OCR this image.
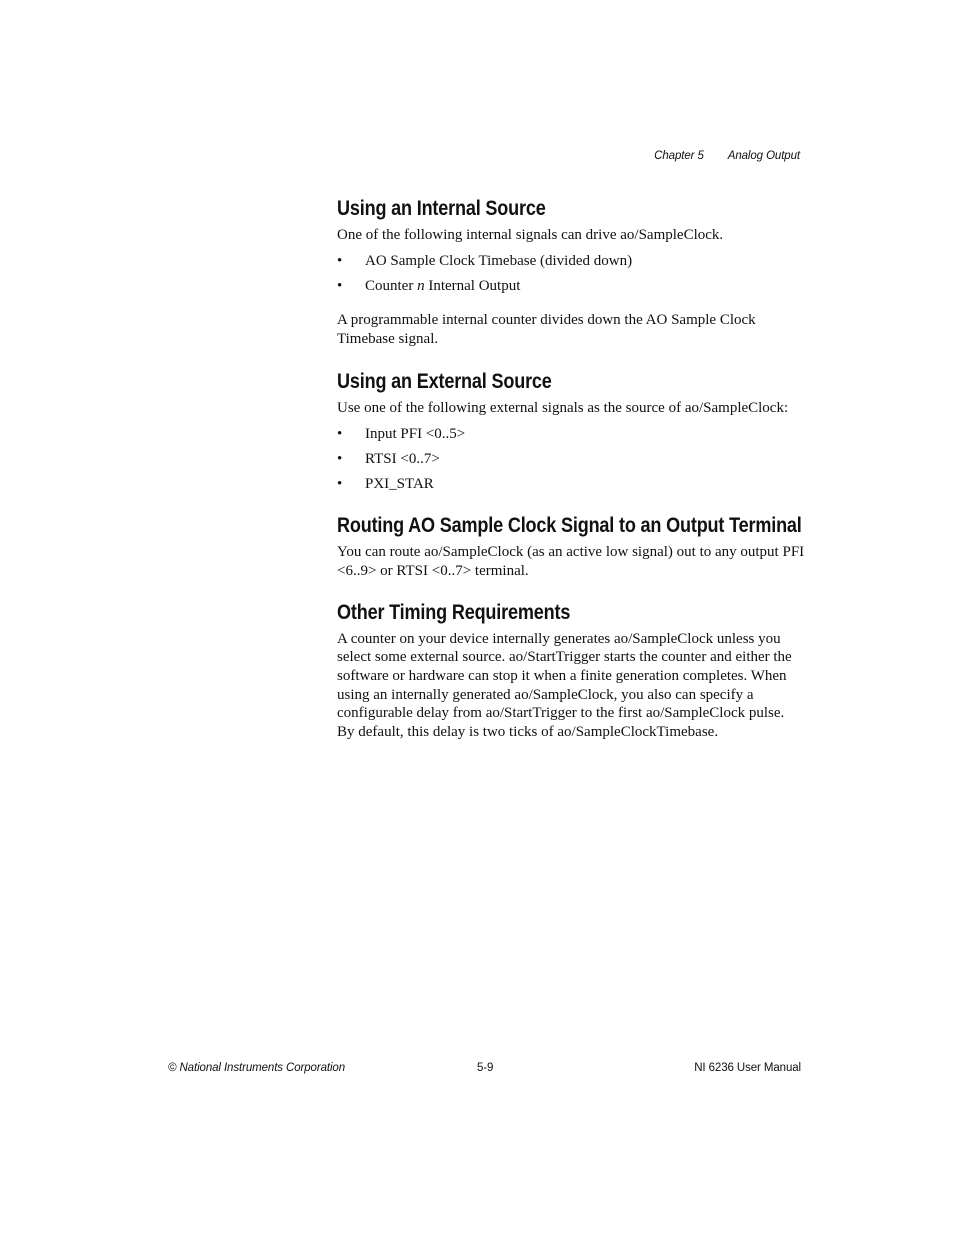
Chapter 5 Analog Output
Using an Internal Source

One of the following internal signals can drive ao/SampleClock.

• AO Sample Clock Timebase (divided down)
• Counter n Internal Output

A programmable internal counter divides down the AO Sample Clock Timebase signal.

Using an External Source

Use one of the following external signals as the source of ao/SampleClock:

• Input PFI <0..5>
• RTSI <0..7>
• PXI_STAR
Routing AO Sample Clock Signal to an Output Terminal

You can route ao/SampleClock (as an active low signal) out to any output PFI <6..9> or RTSI <0..7> terminal.

Other Timing Requirements

A counter on your device internally generates ao/SampleClock unless you select some external source. ao/StartTrigger starts the counter and either the software or hardware can stop it when a finite generation completes. When using an internally generated ao/SampleClock, you also can specify a configurable delay from ao/StartTrigger to the first ao/SampleClock pulse. By default, this delay is two ticks of ao/SampleClockTimebase.

© National Instruments Corporation	5-9	NI 6236 User Manual
